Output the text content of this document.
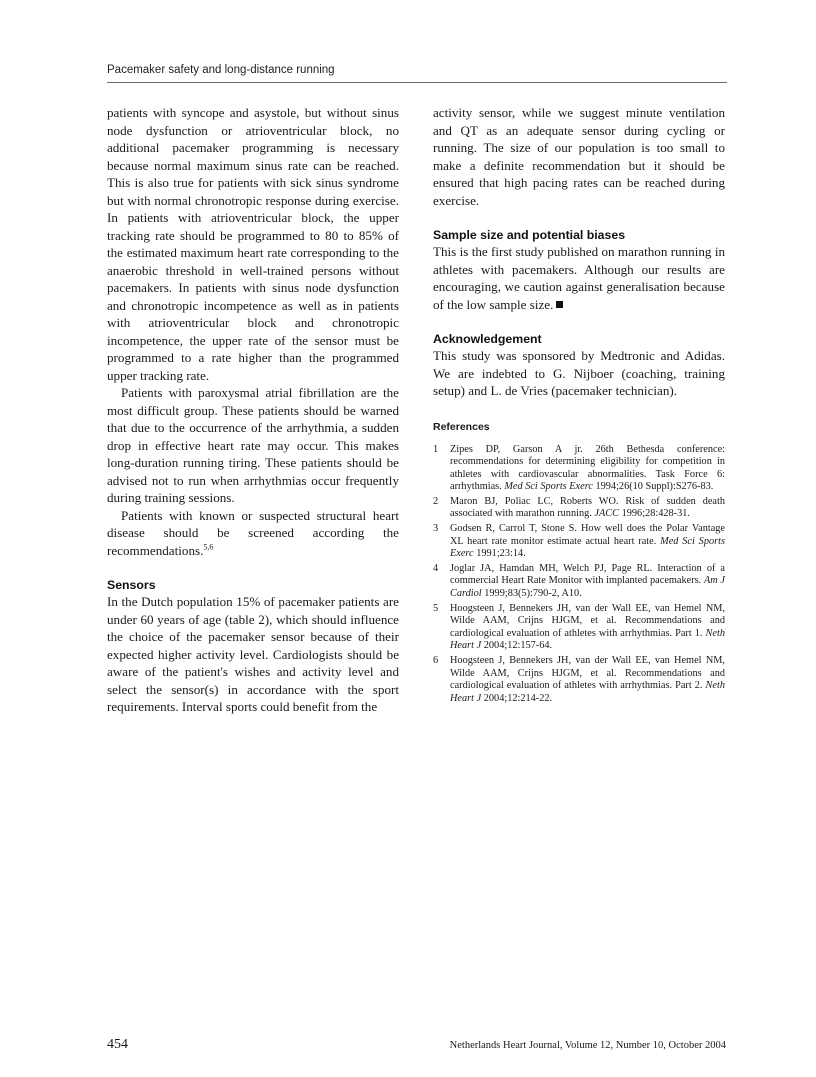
Pacemaker safety and long-distance running

patients with syncope and asystole, but without sinus node dysfunction or atrioventricular block, no additional pacemaker programming is necessary because normal maximum sinus rate can be reached. This is also true for patients with sick sinus syndrome but with normal chronotropic response during exercise. In patients with atrioventricular block, the upper tracking rate should be programmed to 80 to 85% of the estimated maximum heart rate corresponding to the anaerobic threshold in well-trained persons without pacemakers. In patients with sinus node dysfunction and chronotropic incompetence as well as in patients with atrioventricular block and chronotropic incompetence, the upper rate of the sensor must be programmed to a rate higher than the programmed upper tracking rate.

Patients with paroxysmal atrial fibrillation are the most difficult group. These patients should be warned that due to the occurrence of the arrhythmia, a sudden drop in effective heart rate may occur. This makes long-duration running tiring. These patients should be advised not to run when arrhythmias occur frequently during training sessions.

Patients with known or suspected structural heart disease should be screened according the recommendations.$^{5,6}$

Sensors

In the Dutch population 15% of pacemaker patients are under 60 years of age (table 2), which should influence the choice of the pacemaker sensor because of their expected higher activity level. Cardiologists should be aware of the patient's wishes and activity level and select the sensor(s) in accordance with the sport requirements. Interval sports could benefit from the

activity sensor, while we suggest minute ventilation and QT as an adequate sensor during cycling or running. The size of our population is too small to make a definite recommendation but it should be ensured that high pacing rates can be reached during exercise.

Sample size and potential biases

This is the first study published on marathon running in athletes with pacemakers. Although our results are encouraging, we caution against generalisation because of the low sample size.

Acknowledgement

This study was sponsored by Medtronic and Adidas. We are indebted to G. Nijboer (coaching, training setup) and L. de Vries (pacemaker technician).

References
1 Zipes DP, Garson A jr. 26th Bethesda conference: recommendations for determining eligibility for competition in athletes with cardiovascular abnormalities. Task Force 6: arrhythmias. Med Sci Sports Exerc 1994;26(10 Suppl):S276-83.
2 Maron BJ, Poliac LC, Roberts WO. Risk of sudden death associated with marathon running. JACC 1996;28:428-31.
3 Godsen R, Carrol T, Stone S. How well does the Polar Vantage XL heart rate monitor estimate actual heart rate. Med Sci Sports Exerc 1991;23:14.
4 Joglar JA, Hamdan MH, Welch PJ, Page RL. Interaction of a commercial Heart Rate Monitor with implanted pacemakers. Am J Cardiol 1999;83(5):790-2, A10.
5 Hoogsteen J, Bennekers JH, van der Wall EE, van Hemel NM, Wilde AAM, Crijns HJGM, et al. Recommendations and cardiological evaluation of athletes with arrhythmias. Part 1. Neth Heart J 2004;12:157-64.
6 Hoogsteen J, Bennekers JH, van der Wall EE, van Hemel NM, Wilde AAM, Crijns HJGM, et al. Recommendations and cardiological evaluation of athletes with arrhythmias. Part 2. Neth Heart J 2004;12:214-22.
454	Netherlands Heart Journal, Volume 12, Number 10, October 2004
